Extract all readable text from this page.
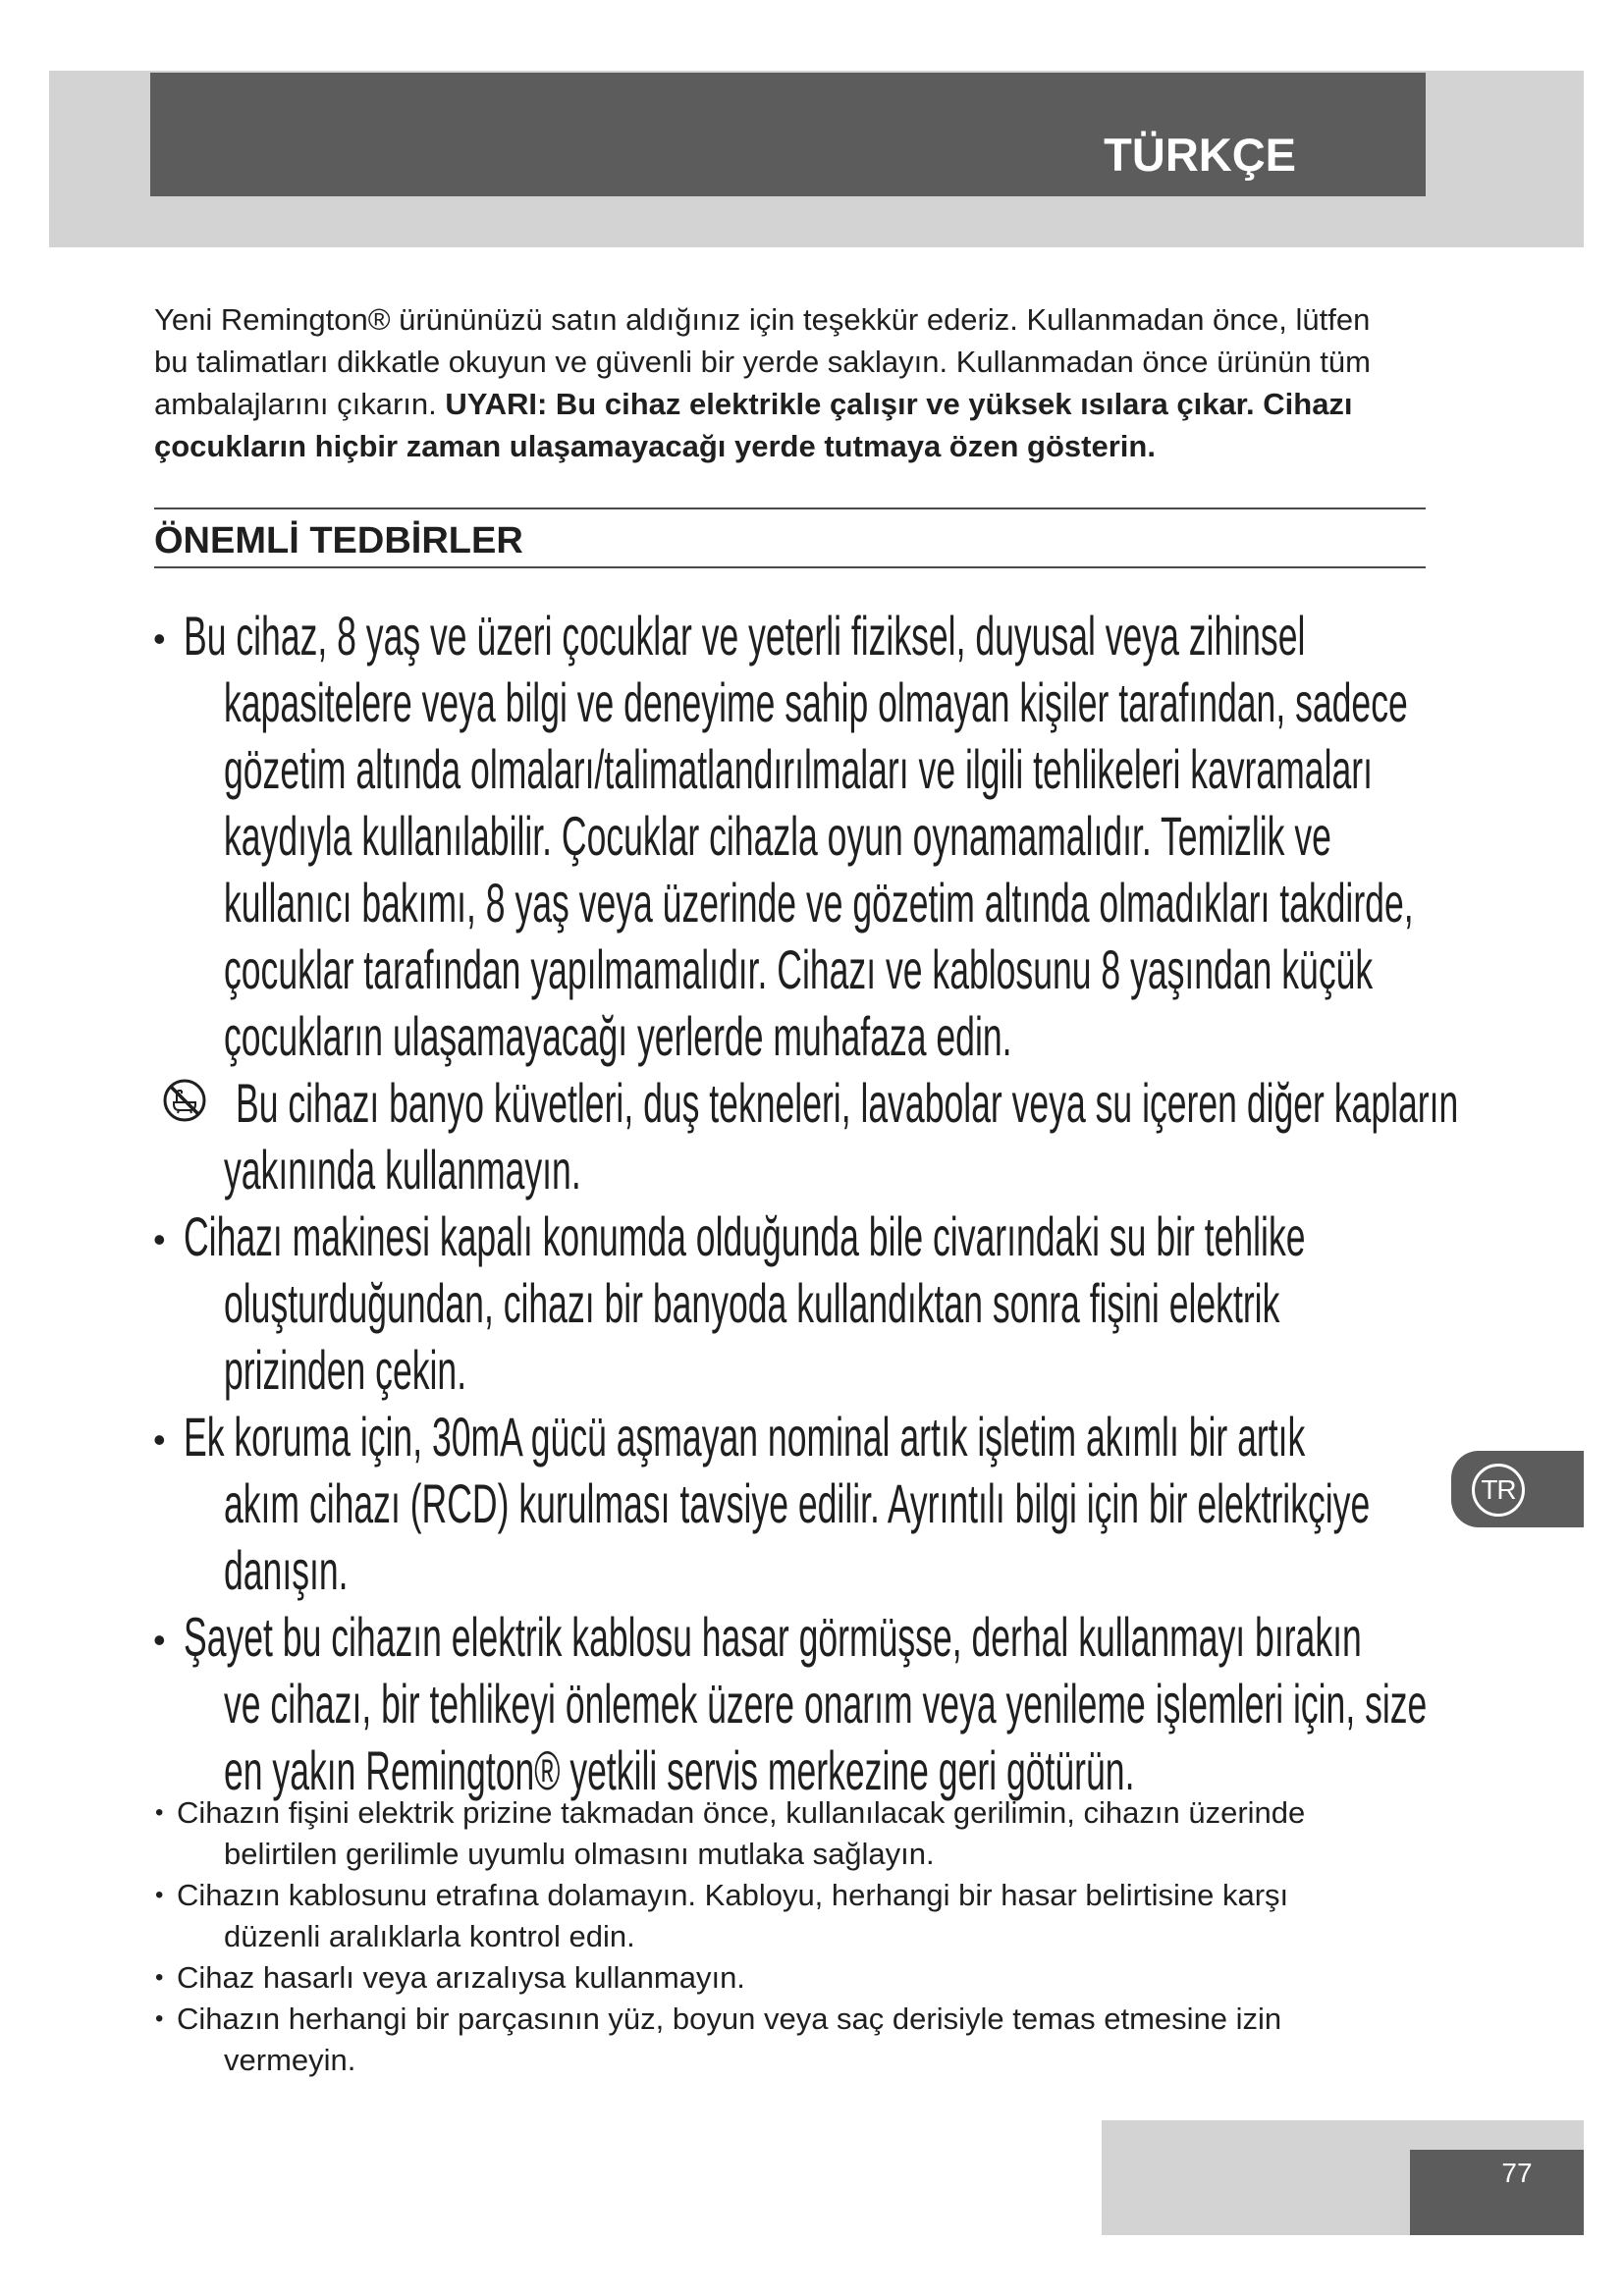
TÜRKÇE
Yeni Remington® ürününüzü satın aldığınız için teşekkür ederiz. Kullanmadan önce, lütfen
bu talimatları dikkatle okuyun ve güvenli bir yerde saklayın. Kullanmadan önce ürünün tüm
ambalajlarını çıkarın. UYARI: Bu cihaz elektrikle çalışır ve yüksek ısılara çıkar. Cihazı
çocukların hiçbir zaman ulaşamayacağı yerde tutmaya özen gösterin.
ÖNEMLİ TEDBİRLER
•
Bu cihaz, 8 yaş ve üzeri çocuklar ve yeterli fiziksel, duyusal veya zihinsel
kapasitelere veya bilgi ve deneyime sahip olmayan kişiler tarafından, sadece
gözetim altında olmaları/talimatlandırılmaları ve ilgili tehlikeleri kavramaları
kaydıyla kullanılabilir. Çocuklar cihazla oyun oynamamalıdır. Temizlik ve
kullanıcı bakımı, 8 yaş veya üzerinde ve gözetim altında olmadıkları takdirde,
çocuklar tarafından yapılmamalıdır. Cihazı ve kablosunu 8 yaşından küçük
çocukların ulaşamayacağı yerlerde muhafaza edin.
Bu cihazı banyo küvetleri, duş tekneleri, lavabolar veya su içeren diğer kapların
yakınında kullanmayın.
•
Cihazı makinesi kapalı konumda olduğunda bile civarındaki su bir tehlike
oluşturduğundan, cihazı bir banyoda kullandıktan sonra fişini elektrik
prizinden çekin.
•
Ek koruma için, 30mA gücü aşmayan nominal artık işletim akımlı bir artık
akım cihazı (RCD) kurulması tavsiye edilir. Ayrıntılı bilgi için bir elektrikçiye
danışın.
•
Şayet bu cihazın elektrik kablosu hasar görmüşse, derhal kullanmayı bırakın
ve cihazı, bir tehlikeyi önlemek üzere onarım veya yenileme işlemleri için, size
en yakın Remington® yetkili servis merkezine geri götürün.
•
Cihazın fişini elektrik prizine takmadan önce, kullanılacak gerilimin, cihazın üzerinde
belirtilen gerilimle uyumlu olmasını mutlaka sağlayın.
•
Cihazın kablosunu etrafına dolamayın. Kabloyu, herhangi bir hasar belirtisine karşı
düzenli aralıklarla kontrol edin.
•
Cihaz hasarlı veya arızalıysa kullanmayın.
•
Cihazın herhangi bir parçasının yüz, boyun veya saç derisiyle temas etmesine izin
vermeyin.
TR
77
